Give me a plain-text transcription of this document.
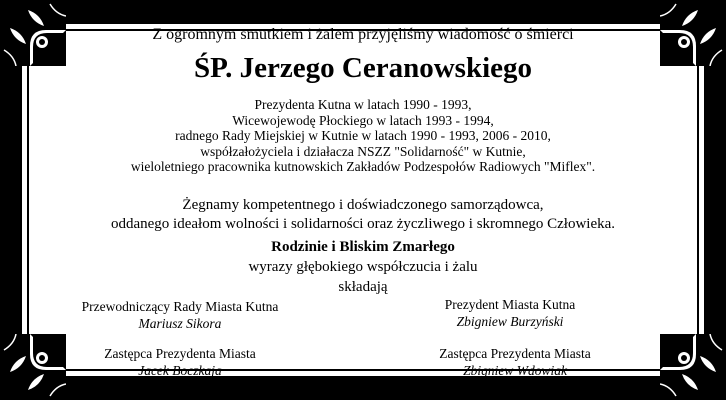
Z ogromnym smutkiem i żalem przyjęliśmy wiadomość o śmierci
ŚP. Jerzego Ceranowskiego
Prezydenta Kutna w latach 1990 - 1993,
Wicewojewodę Płockiego w latach 1993 - 1994,
radnego Rady Miejskiej w Kutnie w latach 1990 - 1993, 2006 - 2010,
współzałożyciela i działacza NSZZ "Solidarność" w Kutnie,
wieloletniego pracownika kutnowskich Zakładów Podzespołów Radiowych "Miflex".
Żegnamy kompetentnego i doświadczonego samorządowca,
oddanego ideałom wolności i solidarności oraz życzliwego i skromnego Człowieka.
Rodzinie i Bliskim Zmarłego
wyrazy głębokiego współczucia i żalu
składają
Przewodniczący Rady Miasta Kutna
Mariusz Sikora
Prezydent Miasta Kutna
Zbigniew Burzyński
Zastępca Prezydenta Miasta
Jacek Boczkaja
Zastępca Prezydenta Miasta
Zbigniew Wdowiak
